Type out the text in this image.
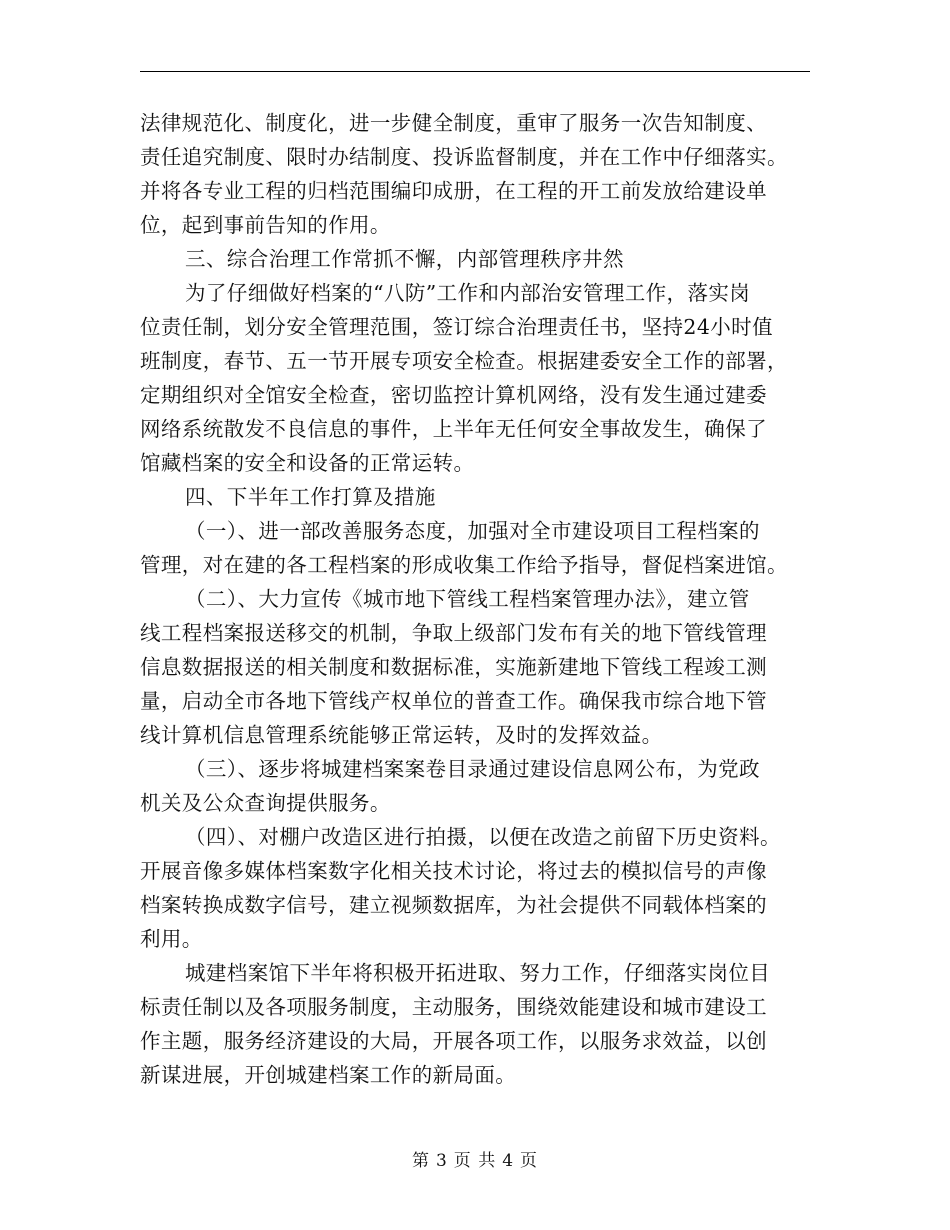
法律规范化、制度化，进一步健全制度，重审了服务一次告知制度、
责任追究制度、限时办结制度、投诉监督制度，并在工作中仔细落实。
并将各专业工程的归档范围编印成册，在工程的开工前发放给建设单
位，起到事前告知的作用。
三、综合治理工作常抓不懈，内部管理秩序井然
为了仔细做好档案的“八防”工作和内部治安管理工作，落实岗
位责任制，划分安全管理范围，签订综合治理责任书，坚持24小时值
班制度，春节、五一节开展专项安全检查。根据建委安全工作的部署，
定期组织对全馆安全检查，密切监控计算机网络，没有发生通过建委
网络系统散发不良信息的事件，上半年无任何安全事故发生，确保了
馆藏档案的安全和设备的正常运转。
四、下半年工作打算及措施
（一）、进一部改善服务态度，加强对全市建设项目工程档案的
管理，对在建的各工程档案的形成收集工作给予指导，督促档案进馆。
（二）、大力宣传《城市地下管线工程档案管理办法》，建立管
线工程档案报送移交的机制，争取上级部门发布有关的地下管线管理
信息数据报送的相关制度和数据标准，实施新建地下管线工程竣工测
量，启动全市各地下管线产权单位的普查工作。确保我市综合地下管
线计算机信息管理系统能够正常运转，及时的发挥效益。
（三）、逐步将城建档案案卷目录通过建设信息网公布，为党政
机关及公众查询提供服务。
（四）、对棚户改造区进行拍摄，以便在改造之前留下历史资料。
开展音像多媒体档案数字化相关技术讨论，将过去的模拟信号的声像
档案转换成数字信号，建立视频数据库，为社会提供不同载体档案的
利用。
城建档案馆下半年将积极开拓进取、努力工作，仔细落实岗位目
标责任制以及各项服务制度，主动服务，围绕效能建设和城市建设工
作主题，服务经济建设的大局，开展各项工作，以服务求效益，以创
新谋进展，开创城建档案工作的新局面。
第 3 页 共 4 页
